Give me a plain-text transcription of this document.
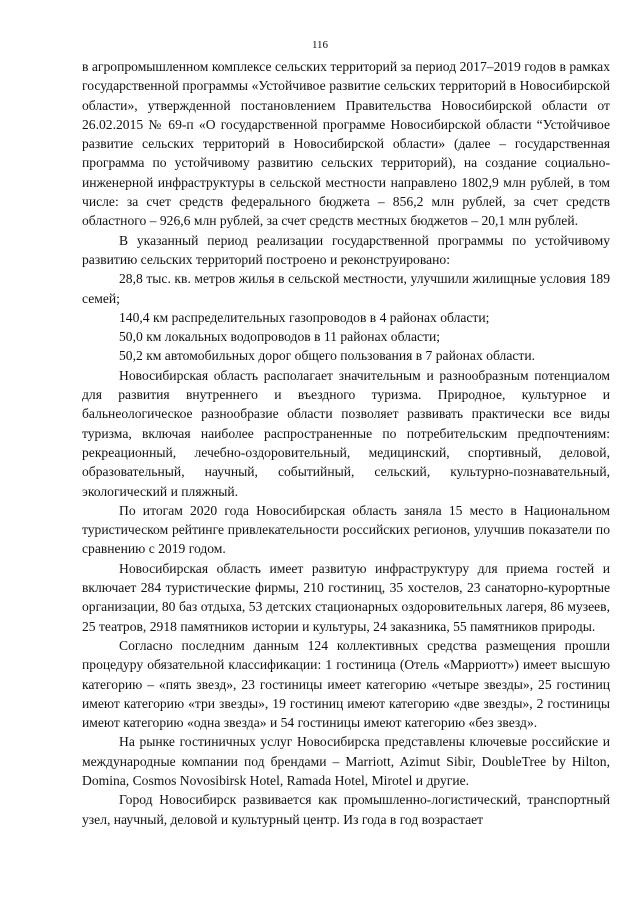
116

в агропромышленном комплексе сельских территорий за период 2017–2019 годов в рамках государственной программы «Устойчивое развитие сельских территорий в Новосибирской области», утвержденной постановлением Правительства Новосибирской области от 26.02.2015 № 69-п «О государственной программе Новосибирской области “Устойчивое развитие сельских территорий в Новосибирской области» (далее – государственная программа по устойчивому развитию сельских территорий), на создание социально-инженерной инфраструктуры в сельской местности направлено 1802,9 млн рублей, в том числе: за счет средств федерального бюджета – 856,2 млн рублей, за счет средств областного – 926,6 млн рублей, за счет средств местных бюджетов – 20,1 млн рублей.

В указанный период реализации государственной программы по устойчивому развитию сельских территорий построено и реконструировано:

28,8 тыс. кв. метров жилья в сельской местности, улучшили жилищные условия 189 семей;

140,4 км распределительных газопроводов в 4 районах области;

50,0 км локальных водопроводов в 11 районах области;

50,2 км автомобильных дорог общего пользования в 7 районах области.

Новосибирская область располагает значительным и разнообразным потенциалом для развития внутреннего и въездного туризма. Природное, культурное и бальнеологическое разнообразие области позволяет развивать практически все виды туризма, включая наиболее распространенные по потребительским предпочтениям: рекреационный, лечебно-оздоровительный, медицинский, спортивный, деловой, образовательный, научный, событийный, сельский, культурно-познавательный, экологический и пляжный.

По итогам 2020 года Новосибирская область заняла 15 место в Национальном туристическом рейтинге привлекательности российских регионов, улучшив показатели по сравнению с 2019 годом.

Новосибирская область имеет развитую инфраструктуру для приема гостей и включает 284 туристические фирмы, 210 гостиниц, 35 хостелов, 23 санаторно-курортные организации, 80 баз отдыха, 53 детских стационарных оздоровительных лагеря, 86 музеев, 25 театров, 2918 памятников истории и культуры, 24 заказника, 55 памятников природы.

Согласно последним данным 124 коллективных средства размещения прошли процедуру обязательной классификации: 1 гостиница (Отель «Марриотт») имеет высшую категорию – «пять звезд», 23 гостиницы имеет категорию «четыре звезды», 25 гостиниц имеют категорию «три звезды», 19 гостиниц имеют категорию «две звезды», 2 гостиницы имеют категорию «одна звезда» и 54 гостиницы имеют категорию «без звезд».

На рынке гостиничных услуг Новосибирска представлены ключевые российские и международные компании под брендами – Marriott, Azimut Sibir, DoubleTree by Hilton, Domina, Cosmos Novosibirsk Hotel, Ramada Hotel, Mirotel и другие.

Город Новосибирск развивается как промышленно-логистический, транспортный узел, научный, деловой и культурный центр. Из года в год возрастает
